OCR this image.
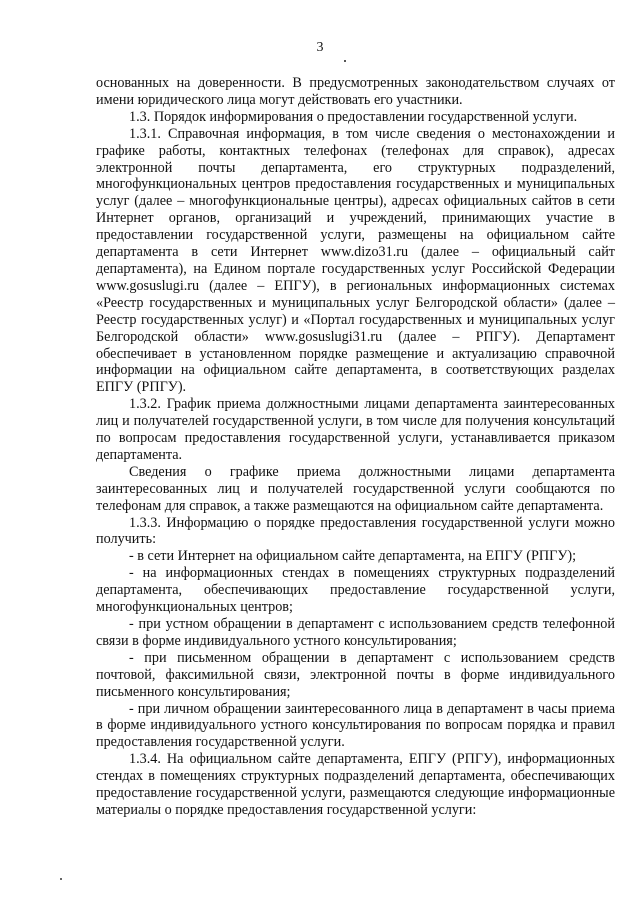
3

основанных на доверенности. В предусмотренных законодательством случаях от имени юридического лица могут действовать его участники.

1.3. Порядок информирования о предоставлении государственной услуги.

1.3.1. Справочная информация, в том числе сведения о местонахождении и графике работы, контактных телефонах (телефонах для справок), адресах электронной почты департамента, его структурных подразделений, многофункциональных центров предоставления государственных и муниципальных услуг (далее – многофункциональные центры), адресах официальных сайтов в сети Интернет органов, организаций и учреждений, принимающих участие в предоставлении государственной услуги, размещены на официальном сайте департамента в сети Интернет www.dizo31.ru (далее – официальный сайт департамента), на Едином портале государственных услуг Российской Федерации www.gosuslugi.ru (далее – ЕПГУ), в региональных информационных системах «Реестр государственных и муниципальных услуг Белгородской области» (далее – Реестр государственных услуг) и «Портал государственных и муниципальных услуг Белгородской области» www.gosuslugi31.ru (далее – РПГУ). Департамент обеспечивает в установленном порядке размещение и актуализацию справочной информации на официальном сайте департамента, в соответствующих разделах ЕПГУ (РПГУ).

1.3.2. График приема должностными лицами департамента заинтересованных лиц и получателей государственной услуги, в том числе для получения консультаций по вопросам предоставления государственной услуги, устанавливается приказом департамента.

Сведения о графике приема должностными лицами департамента заинтересованных лиц и получателей государственной услуги сообщаются по телефонам для справок, а также размещаются на официальном сайте департамента.

1.3.3. Информацию о порядке предоставления государственной услуги можно получить:

- в сети Интернет на официальном сайте департамента, на ЕПГУ (РПГУ);

- на информационных стендах в помещениях структурных подразделений департамента, обеспечивающих предоставление государственной услуги, многофункциональных центров;

- при устном обращении в департамент с использованием средств телефонной связи в форме индивидуального устного консультирования;

- при письменном обращении в департамент с использованием средств почтовой, факсимильной связи, электронной почты в форме индивидуального письменного консультирования;

- при личном обращении заинтересованного лица в департамент в часы приема в форме индивидуального устного консультирования по вопросам порядка и правил предоставления государственной услуги.

1.3.4. На официальном сайте департамента, ЕПГУ (РПГУ), информационных стендах в помещениях структурных подразделений департамента, обеспечивающих предоставление государственной услуги, размещаются следующие информационные материалы о порядке предоставления государственной услуги:
